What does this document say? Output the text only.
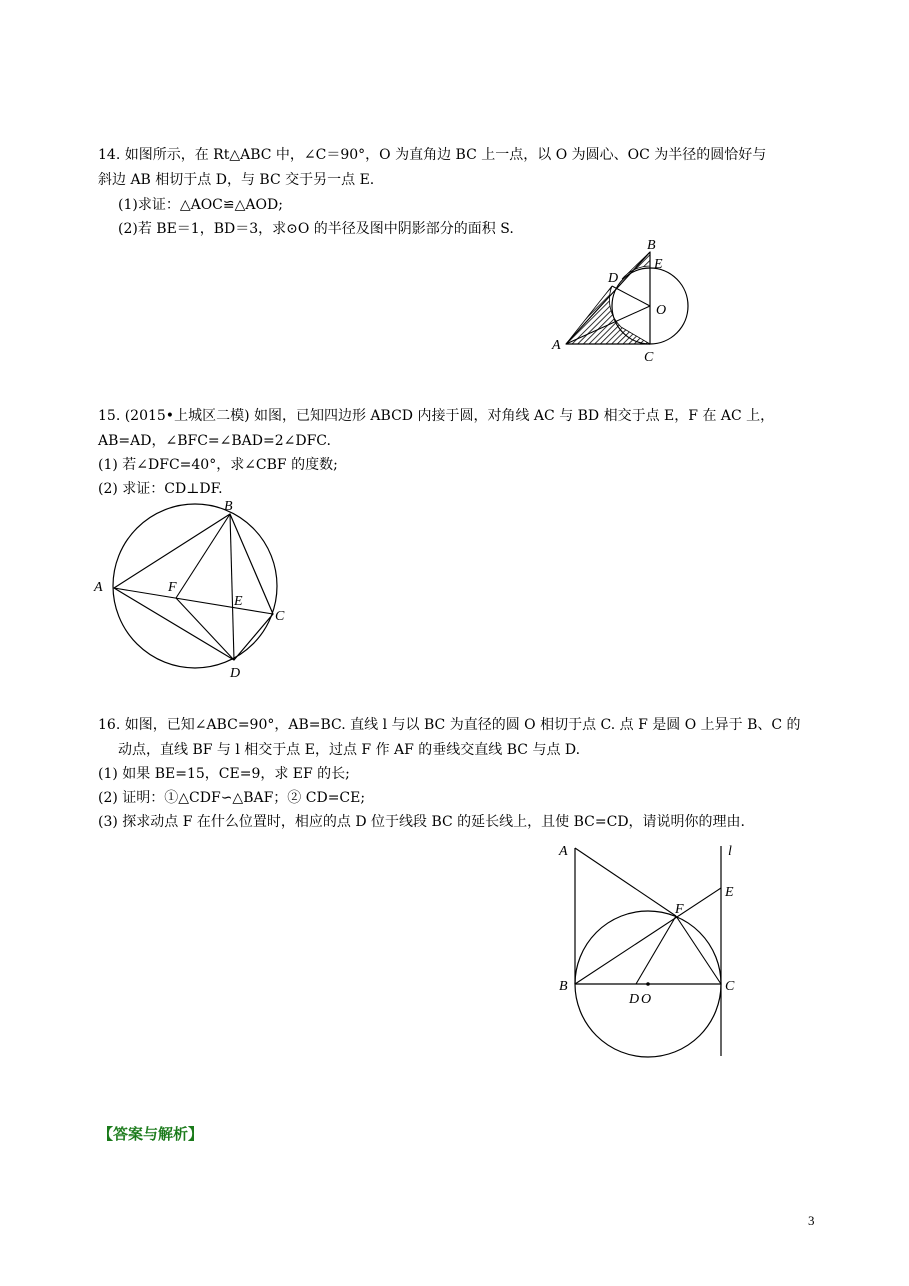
14. 如图所示，在 Rt△ABC 中，∠C＝90°，O 为直角边 BC 上一点，以 O 为圆心、OC 为半径的圆恰好与
斜边 AB 相切于点 D，与 BC 交于另一点 E.
(1)求证：△AOC≌△AOD;
(2)若 BE＝1，BD＝3，求⊙O 的半径及图中阴影部分的面积 S.
B
E
D
O
A
C
15. (2015•上城区二模) 如图，已知四边形 ABCD 内接于圆，对角线 AC 与 BD 相交于点 E，F 在 AC 上，
AB=AD，∠BFC=∠BAD=2∠DFC.
(1) 若∠DFC=40°，求∠CBF 的度数;
(2) 求证：CD⊥DF.
B
A	F
E
C
D
16. 如图，已知∠ABC=90°，AB=BC. 直线 l 与以 BC 为直径的圆 O 相切于点 C. 点 F 是圆 O 上异于 B、C 的
动点，直线 BF 与 l 相交于点 E，过点 F 作 AF 的垂线交直线 BC 与点 D.
(1) 如果 BE=15，CE=9，求 EF 的长;
(2) 证明：①△CDF∽△BAF；② CD=CE;
(3) 探求动点 F 在什么位置时，相应的点 D 位于线段 BC 的延长线上，且使 BC=CD，请说明你的理由.
A	l
E
F
B	C
D O
【答案与解析】
3
